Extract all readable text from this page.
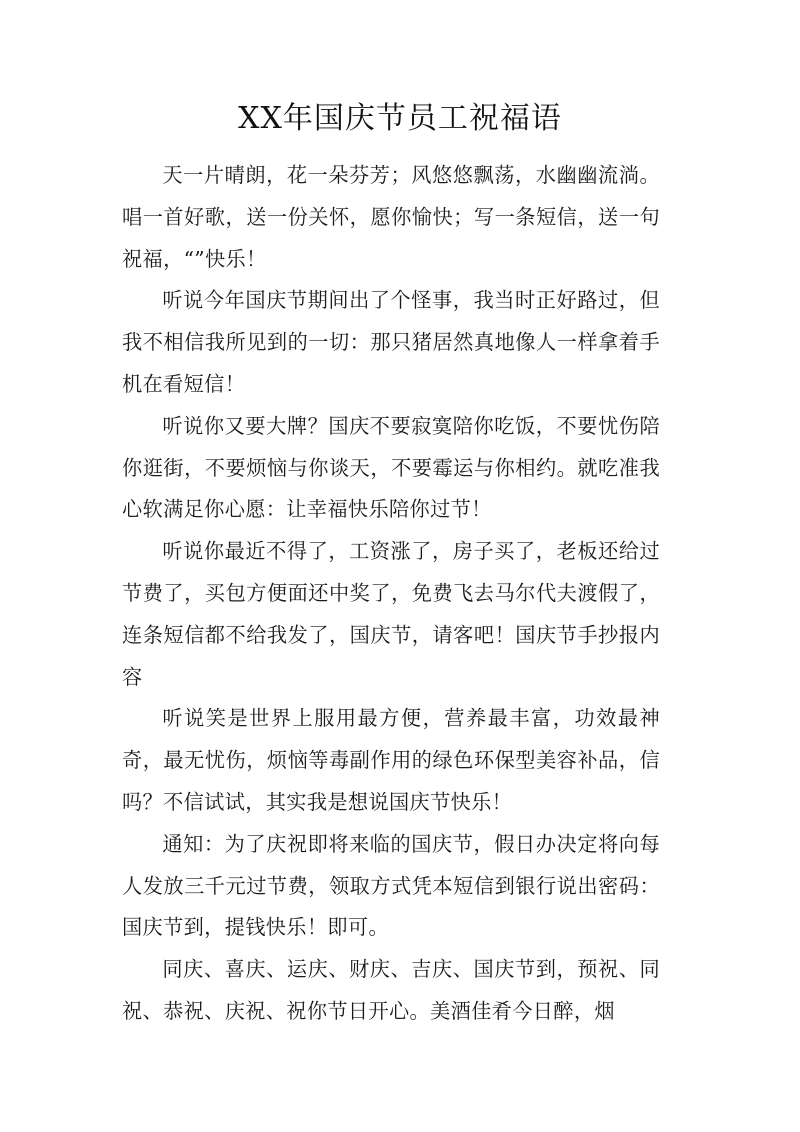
XX年国庆节员工祝福语

天一片晴朗，花一朵芬芳；风悠悠飘荡，水幽幽流淌。唱一首好歌，送一份关怀，愿你愉快；写一条短信，送一句祝福，“”快乐！

听说今年国庆节期间出了个怪事，我当时正好路过，但我不相信我所见到的一切：那只猪居然真地像人一样拿着手机在看短信！

听说你又要大牌？国庆不要寂寞陪你吃饭，不要忧伤陪你逛街，不要烦恼与你谈天，不要霉运与你相约。就吃准我心软满足你心愿：让幸福快乐陪你过节！

听说你最近不得了，工资涨了，房子买了，老板还给过节费了，买包方便面还中奖了，免费飞去马尔代夫渡假了，连条短信都不给我发了，国庆节，请客吧！国庆节手抄报内容

听说笑是世界上服用最方便，营养最丰富，功效最神奇，最无忧伤，烦恼等毒副作用的绿色环保型美容补品，信吗？不信试试，其实我是想说国庆节快乐！

通知：为了庆祝即将来临的国庆节，假日办决定将向每人发放三千元过节费，领取方式凭本短信到银行说出密码：国庆节到，提钱快乐！即可。

同庆、喜庆、运庆、财庆、吉庆、国庆节到，预祝、同祝、恭祝、庆祝、祝你节日开心。美酒佳肴今日醉，烟
